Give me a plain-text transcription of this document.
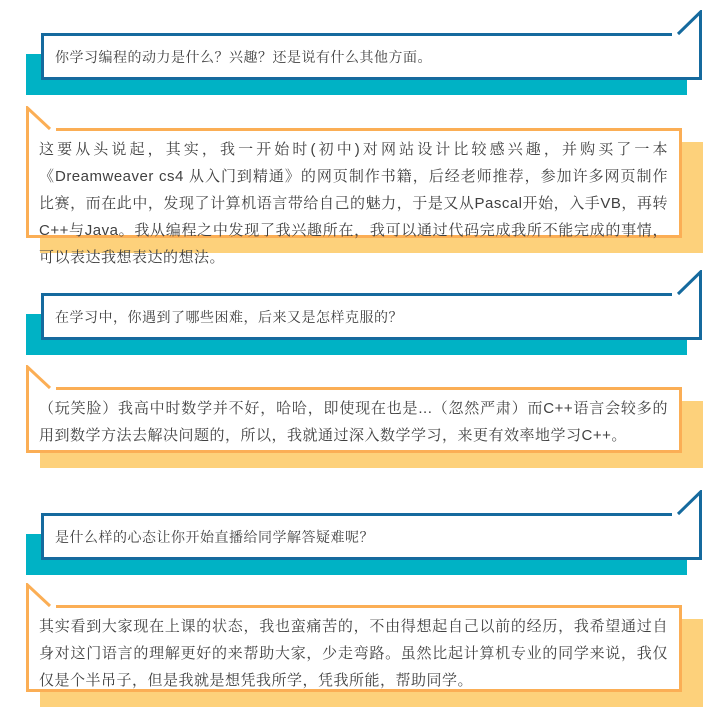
你学习编程的动力是什么？兴趣？还是说有什么其他方面。
这要从头说起，其实，我一开始时(初中)对网站设计比较感兴趣，并购买了一本《Dreamweaver cs4 从入门到精通》的网页制作书籍，后经老师推荐，参加许多网页制作比赛，而在此中，发现了计算机语言带给自己的魅力，于是又从Pascal开始，入手VB，再转C++与Java。我从编程之中发现了我兴趣所在，我可以通过代码完成我所不能完成的事情，可以表达我想表达的想法。
在学习中，你遇到了哪些困难，后来又是怎样克服的？
（玩笑脸）我高中时数学并不好，哈哈，即使现在也是...（忽然严肃）而C++语言会较多的用到数学方法去解决问题的，所以，我就通过深入数学学习，来更有效率地学习C++。
是什么样的心态让你开始直播给同学解答疑难呢？
其实看到大家现在上课的状态，我也蛮痛苦的，不由得想起自己以前的经历，我希望通过自身对这门语言的理解更好的来帮助大家，少走弯路。虽然比起计算机专业的同学来说，我仅仅是个半吊子，但是我就是想凭我所学，凭我所能，帮助同学。
